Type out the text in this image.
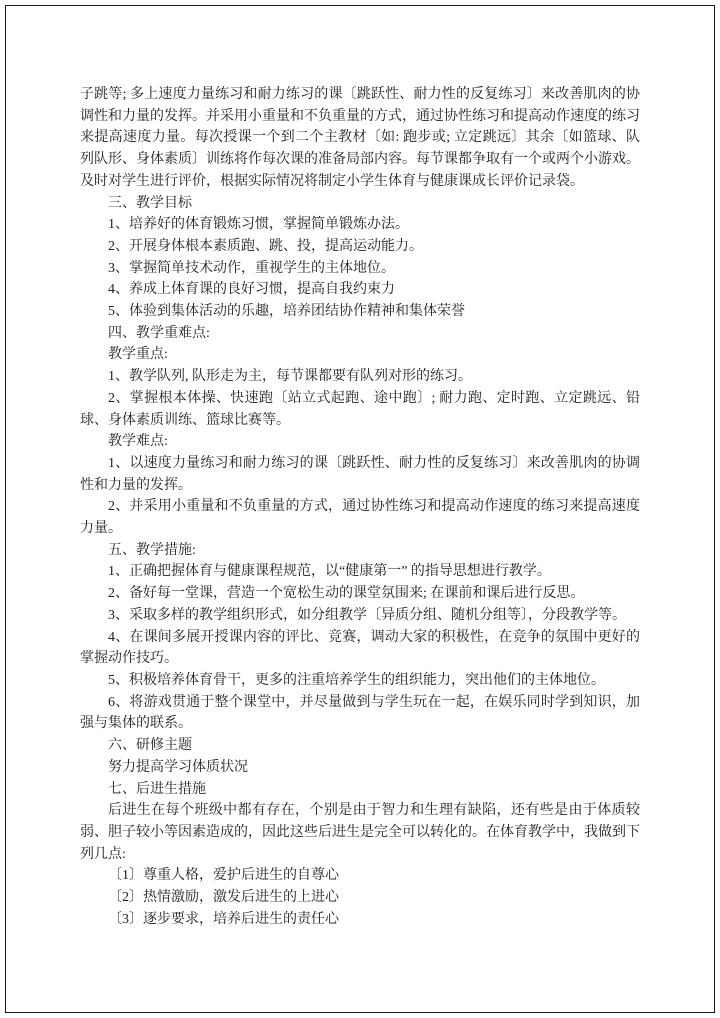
子跳等; 多上速度力量练习和耐力练习的课〔跳跃性、耐力性的反复练习〕来改善肌肉的协调性和力量的发挥。并采用小重量和不负重量的方式，通过协性练习和提高动作速度的练习来提高速度力量。每次授课一个到二个主教材〔如: 跑步或; 立定跳远〕其余〔如篮球、队列队形、身体素质〕训练将作每次课的准备局部内容。每节课都争取有一个或两个小游戏。及时对学生进行评价，根据实际情况将制定小学生体育与健康课成长评价记录袋。

三、教学目标

1、培养好的体育锻炼习惯，掌握简单锻炼办法。

2、开展身体根本素质跑、跳、投，提高运动能力。

3、掌握简单技术动作，重视学生的主体地位。

4、养成上体育课的良好习惯，提高自我约束力

5、体验到集体活动的乐趣，培养团结协作精神和集体荣誉

四、教学重难点:

教学重点:

1、教学队列, 队形走为主，每节课都要有队列对形的练习。

2、掌握根本体操、快速跑〔站立式起跑、途中跑〕; 耐力跑、定时跑、立定跳远、铅球、身体素质训练、篮球比赛等。

教学难点:

1、以速度力量练习和耐力练习的课〔跳跃性、耐力性的反复练习〕来改善肌肉的协调性和力量的发挥。

2、并采用小重量和不负重量的方式，通过协性练习和提高动作速度的练习来提高速度力量。

五、教学措施:

1、正确把握体育与健康课程规范，以“健康第一” 的指导思想进行教学。

2、备好每一堂课，营造一个宽松生动的课堂氛围来; 在课前和课后进行反思。

3、采取多样的教学组织形式，如分组教学〔异质分组、随机分组等〕，分段教学等。

4、在课间多展开授课内容的评比、竞赛，调动大家的积极性，在竞争的氛围中更好的掌握动作技巧。

5、积极培养体育骨干，更多的注重培养学生的组织能力，突出他们的主体地位。

6、将游戏贯通于整个课堂中，并尽量做到与学生玩在一起，在娱乐同时学到知识，加强与集体的联系。

六、研修主题

努力提高学习体质状况

七、后进生措施

后进生在每个班级中都有存在，个别是由于智力和生理有缺陷，还有些是由于体质较弱、胆子较小等因素造成的，因此这些后进生是完全可以转化的。在体育教学中，我做到下列几点:

〔1〕尊重人格，爱护后进生的自尊心

〔2〕热情激励，激发后进生的上进心

〔3〕逐步要求，培养后进生的责任心
